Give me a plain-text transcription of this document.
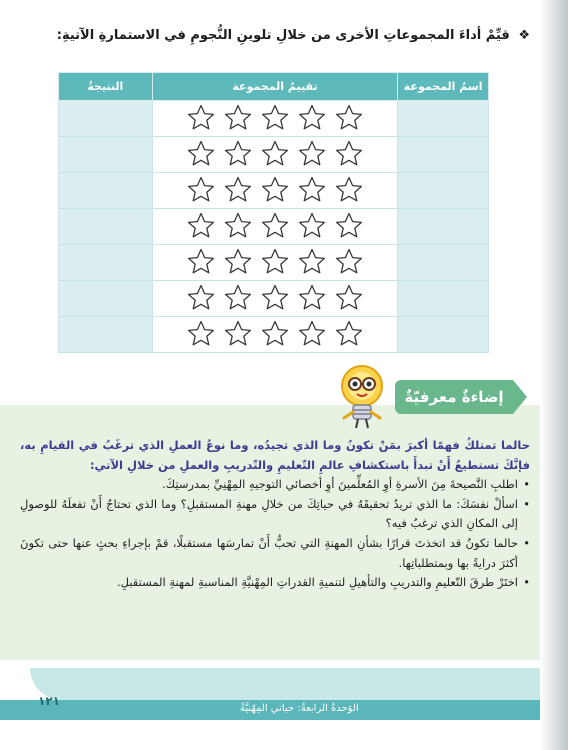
❖ قيِّمْ أداءَ المجموعاتِ الأخرى من خلالِ تلوينِ النُّجومِ في الاستمارةِ الآتيةِ:
اسمُ المجموعة	تقييمُ المجموعة	النتيجةُ

إضاءةٌ معرفيّةٌ

حالما تمتلكُ فهمًا أكبرَ بمَنْ تكونُ وما الذي تجيدُه، وما نوعُ العملِ الذي ترغَبُ في القيامِ به، فإنَّكَ تستطيعُ أَنْ تبدأَ باستكشافِ عالمِ التّعليمِ والتّدريبِ والعملِ من خلالِ الآتي:

• اطلبِ النَّصيحةَ مِنَ الأسرةِ أوِ المُعلِّمينَ أوِ أخصائي التوجيهِ المِهْنِيِّ بمدرستِكَ.
• اسألْ نفسَكَ: ما الذي تريدُ تحقيقَهُ في حياتِكَ من خلالِ مهنةِ المستقبلِ؟ وما الذي تحتاجُ أَنْ تفعلَهُ للوصولِ إلى المكانِ الذي ترغبُ فيه؟
• حالما تكونُ قد اتخذتَ قرارًا بشأنِ المهنةِ التي تحبُّ أَنْ تمارسَها مستقبلًا، قمْ بإجراءِ بحثٍ عنها حتى تكونَ أكثرَ درايةً بها وبمتطلباتِها.
• اختَرْ طرقَ التّعليمِ والتدريبِ والتأهيلِ لتنميةِ القدراتِ المِهْنيَّةِ المناسبةِ لمهنةِ المستقبلِ.
١٢١
الوَحدةُ الرابعةُ: حياتي المِهْنيَّةُ
